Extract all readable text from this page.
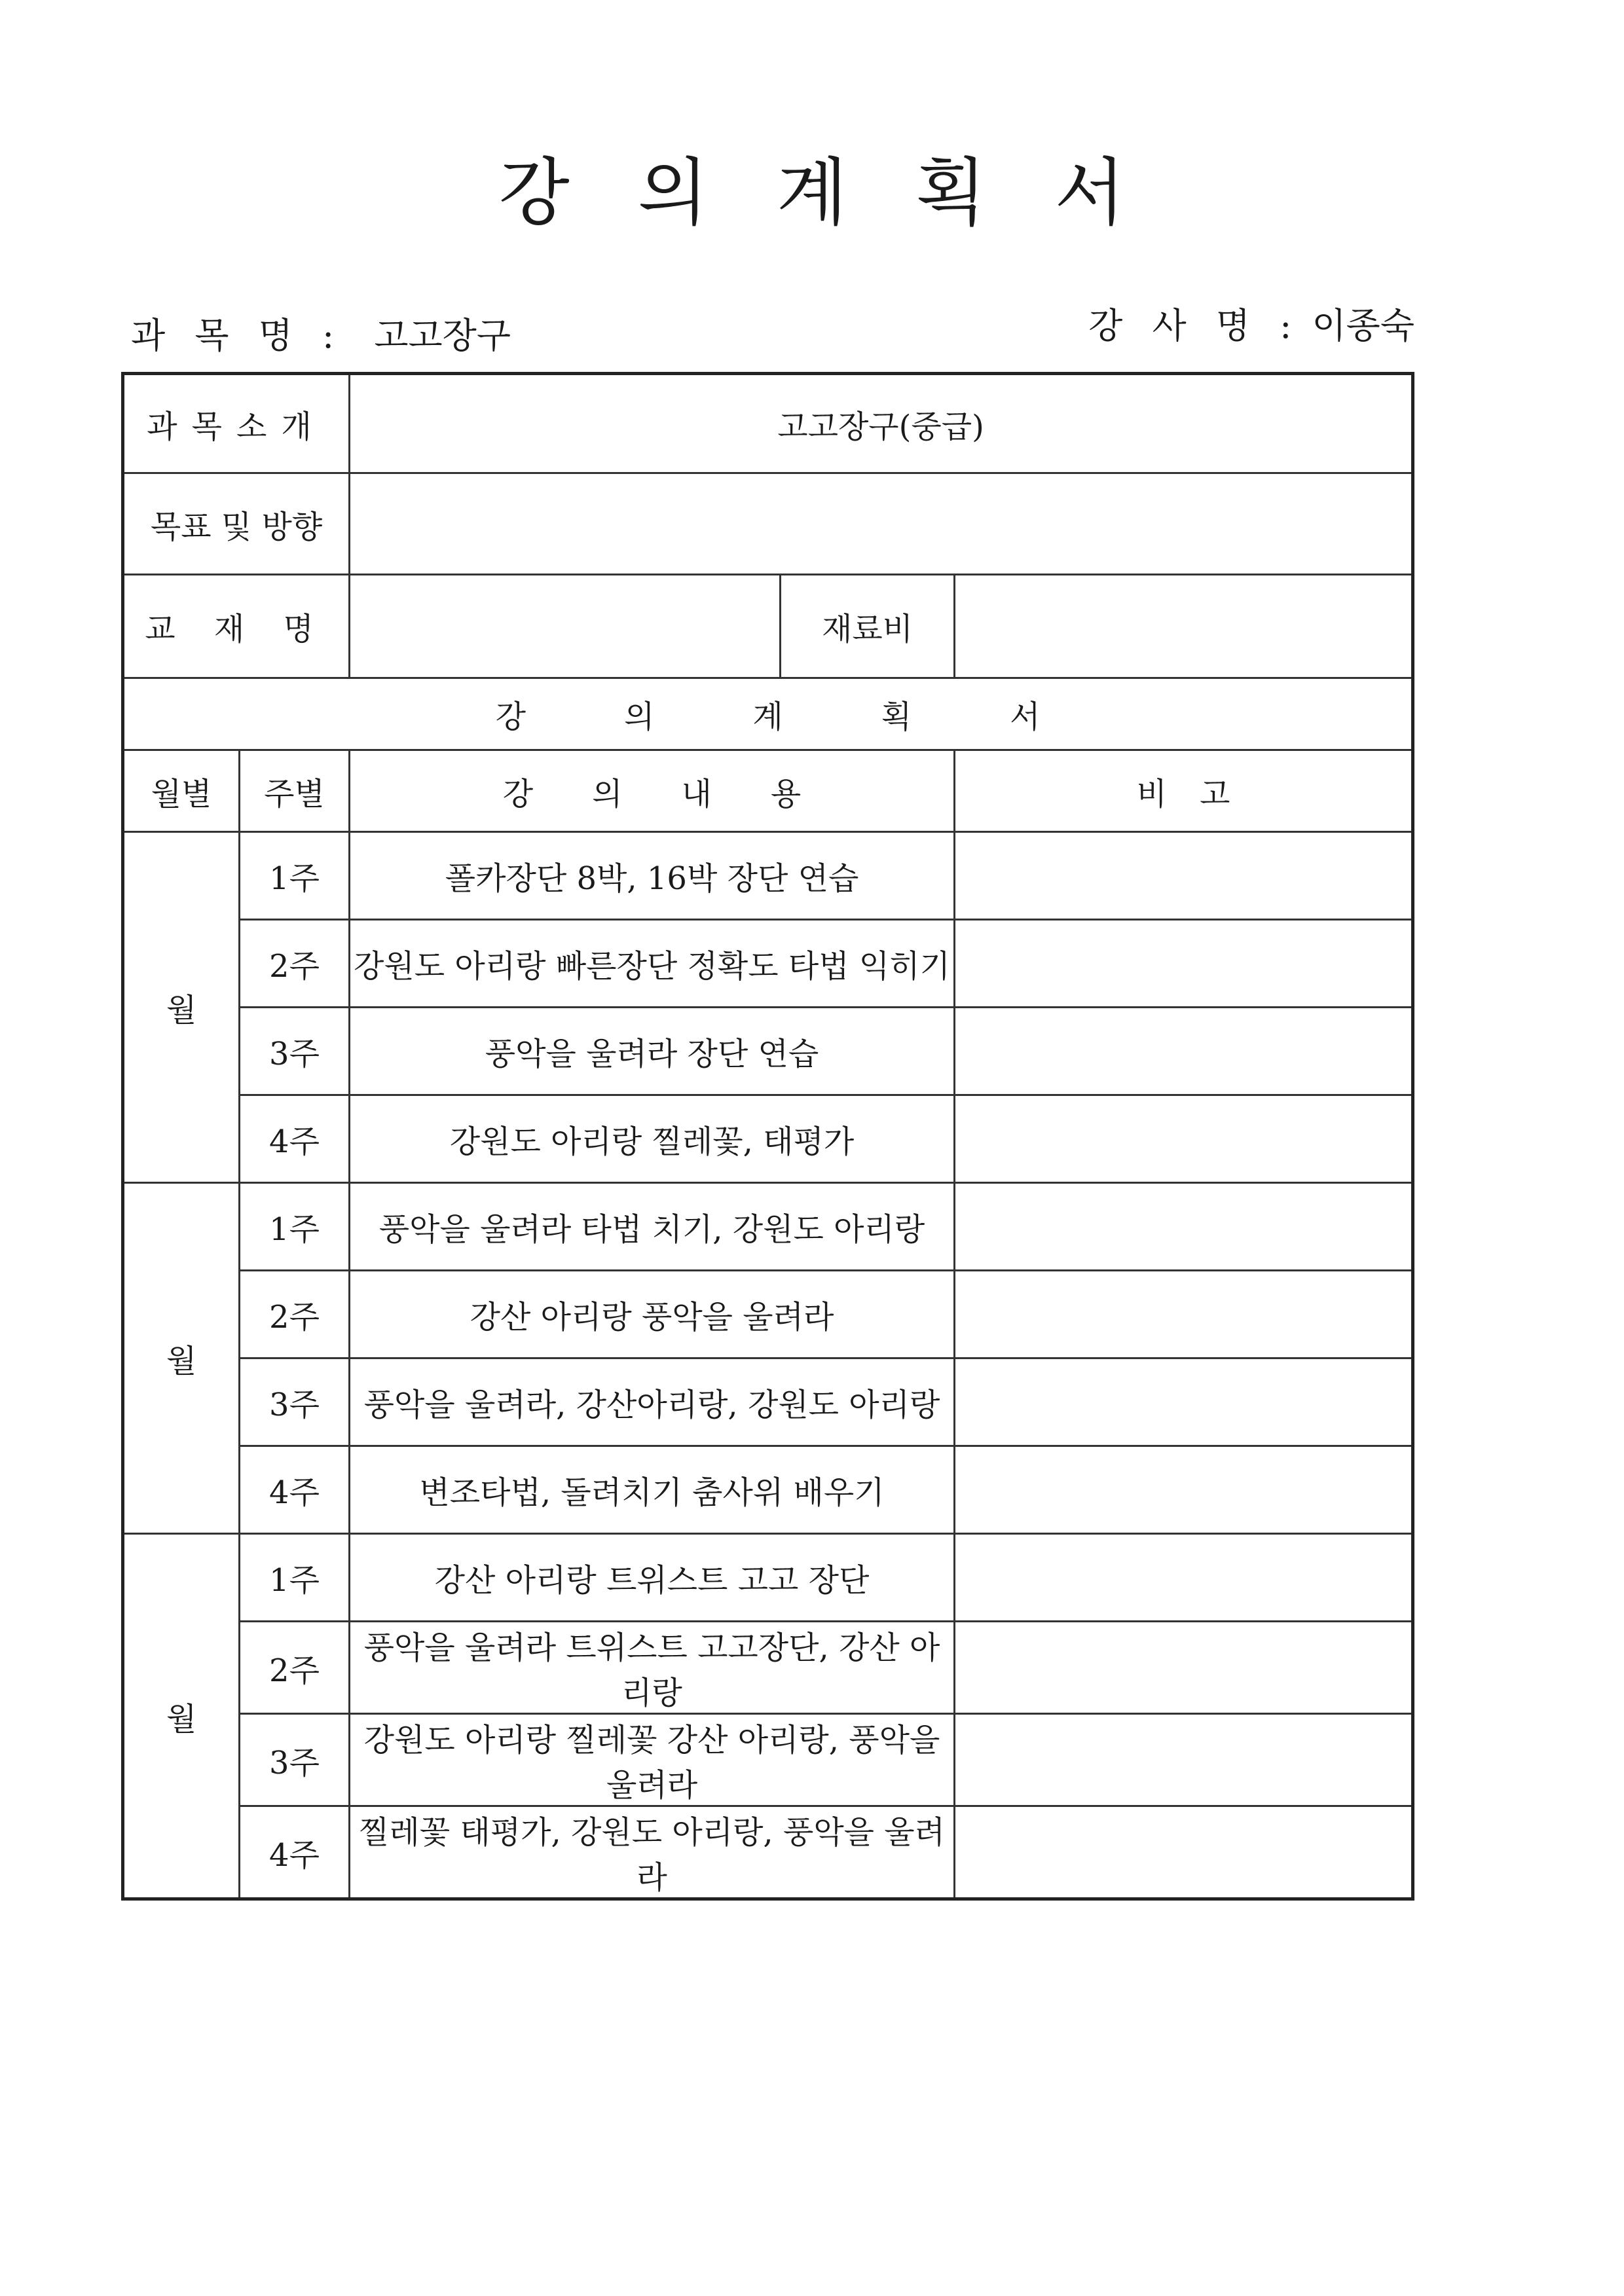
강 의 계 획 서
과 목 명 : 고고장구	강 사 명 : 이종숙
과목소개		고고장구(중급)		
목표 및 방향				
교 재 명			재료비	
강의계획서				
월별	주별	강의내용		비고
월	1주	폴카장단 8박, 16박 장단 연습		
	2주	강원도 아리랑 빠른장단 정확도 타법 익히기		
	3주	풍악을 울려라 장단 연습		
	4주	강원도 아리랑 찔레꽃, 태평가		
월	1주	풍악을 울려라 타법 치기, 강원도 아리랑		
	2주	강산 아리랑 풍악을 울려라		
	3주	풍악을 울려라, 강산아리랑, 강원도 아리랑		
	4주	변조타법, 돌려치기 춤사위 배우기		
월	1주	강산 아리랑 트위스트 고고 장단		
	2주	풍악을 울려라 트위스트 고고장단, 강산 아리랑		
	3주	강원도 아리랑 찔레꽃 강산 아리랑, 풍악을 울려라		
	4주	찔레꽃 태평가, 강원도 아리랑, 풍악을 울려라		
